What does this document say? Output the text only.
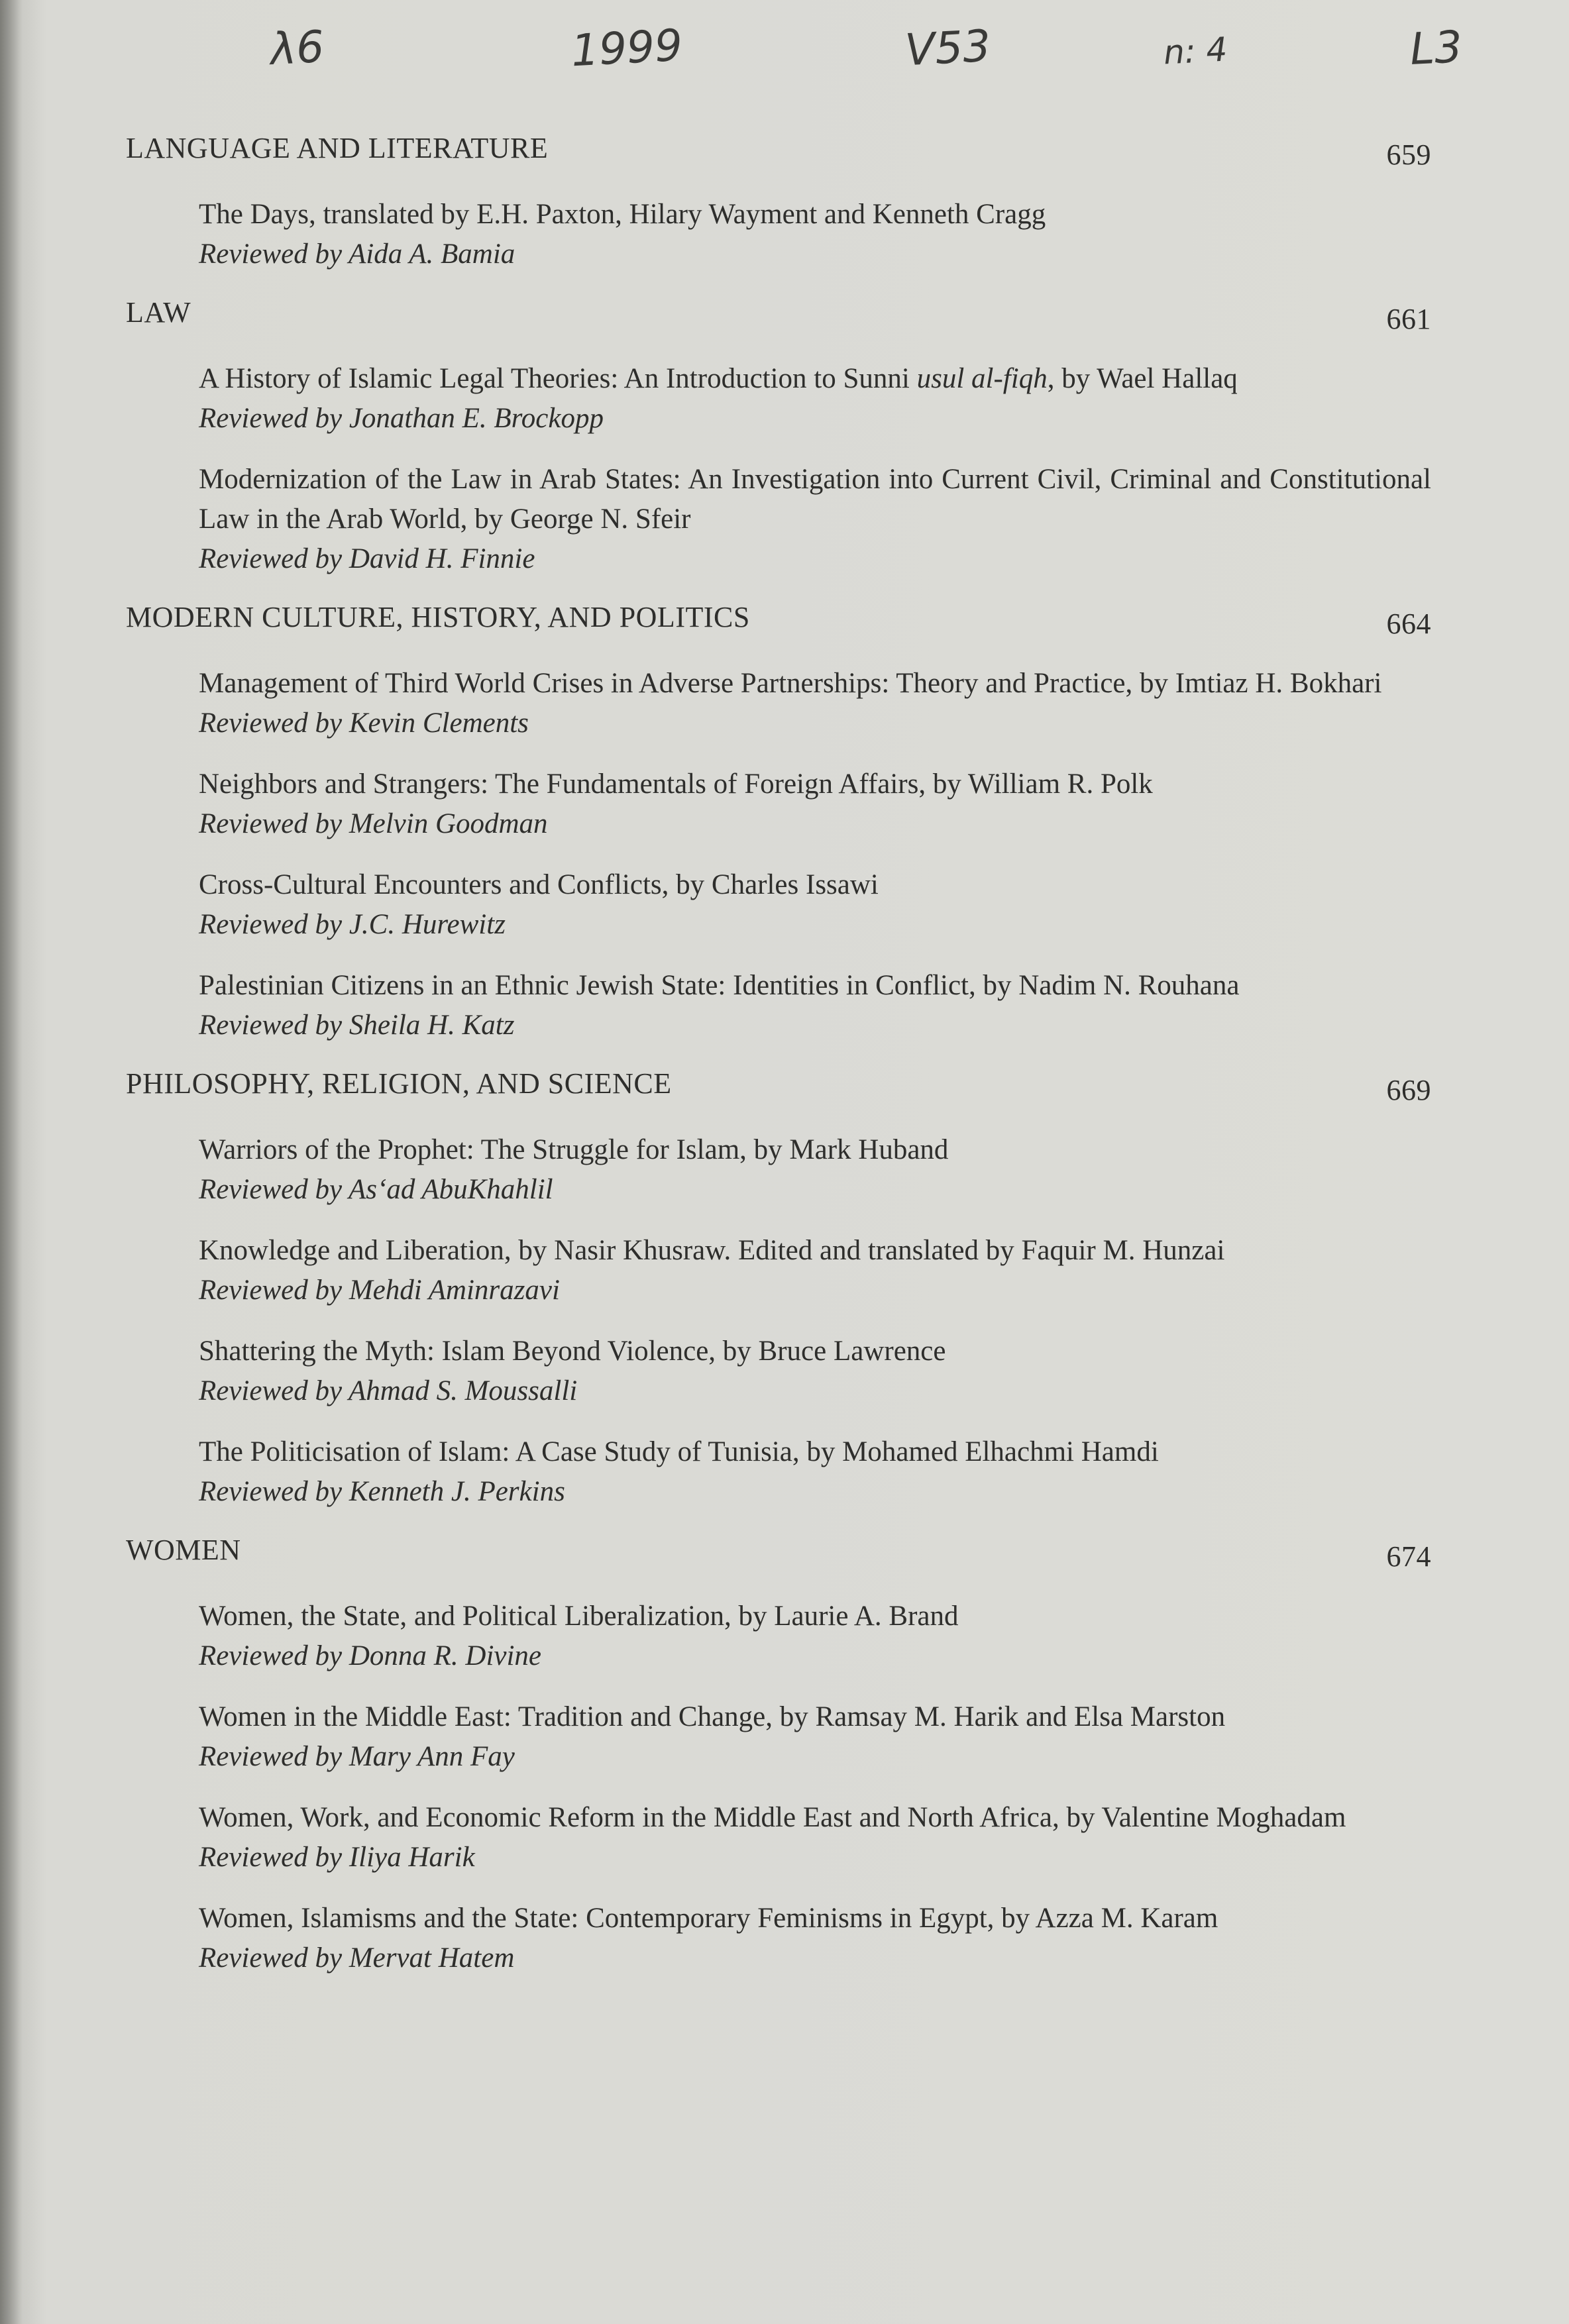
λ6	1999	V53	n: 4	L3
LANGUAGE AND LITERATURE	659
The Days, translated by E.H. Paxton, Hilary Wayment and Kenneth Cragg
Reviewed by Aida A. Bamia
LAW	661
A History of Islamic Legal Theories: An Introduction to Sunni usul al-fiqh, by Wael Hallaq
Reviewed by Jonathan E. Brockopp
Modernization of the Law in Arab States: An Investigation into Current Civil, Criminal and Constitutional Law in the Arab World, by George N. Sfeir
Reviewed by David H. Finnie
MODERN CULTURE, HISTORY, AND POLITICS	664
Management of Third World Crises in Adverse Partnerships: Theory and Practice, by Imtiaz H. Bokhari
Reviewed by Kevin Clements
Neighbors and Strangers: The Fundamentals of Foreign Affairs, by William R. Polk
Reviewed by Melvin Goodman
Cross-Cultural Encounters and Conflicts, by Charles Issawi
Reviewed by J.C. Hurewitz
Palestinian Citizens in an Ethnic Jewish State: Identities in Conflict, by Nadim N. Rouhana
Reviewed by Sheila H. Katz
PHILOSOPHY, RELIGION, AND SCIENCE	669
Warriors of the Prophet: The Struggle for Islam, by Mark Huband
Reviewed by As‘ad AbuKhahlil
Knowledge and Liberation, by Nasir Khusraw. Edited and translated by Faquir M. Hunzai
Reviewed by Mehdi Aminrazavi
Shattering the Myth: Islam Beyond Violence, by Bruce Lawrence
Reviewed by Ahmad S. Moussalli
The Politicisation of Islam: A Case Study of Tunisia, by Mohamed Elhachmi Hamdi
Reviewed by Kenneth J. Perkins
WOMEN	674
Women, the State, and Political Liberalization, by Laurie A. Brand
Reviewed by Donna R. Divine
Women in the Middle East: Tradition and Change, by Ramsay M. Harik and Elsa Marston
Reviewed by Mary Ann Fay
Women, Work, and Economic Reform in the Middle East and North Africa, by Valentine Moghadam
Reviewed by Iliya Harik
Women, Islamisms and the State: Contemporary Feminisms in Egypt, by Azza M. Karam
Reviewed by Mervat Hatem
